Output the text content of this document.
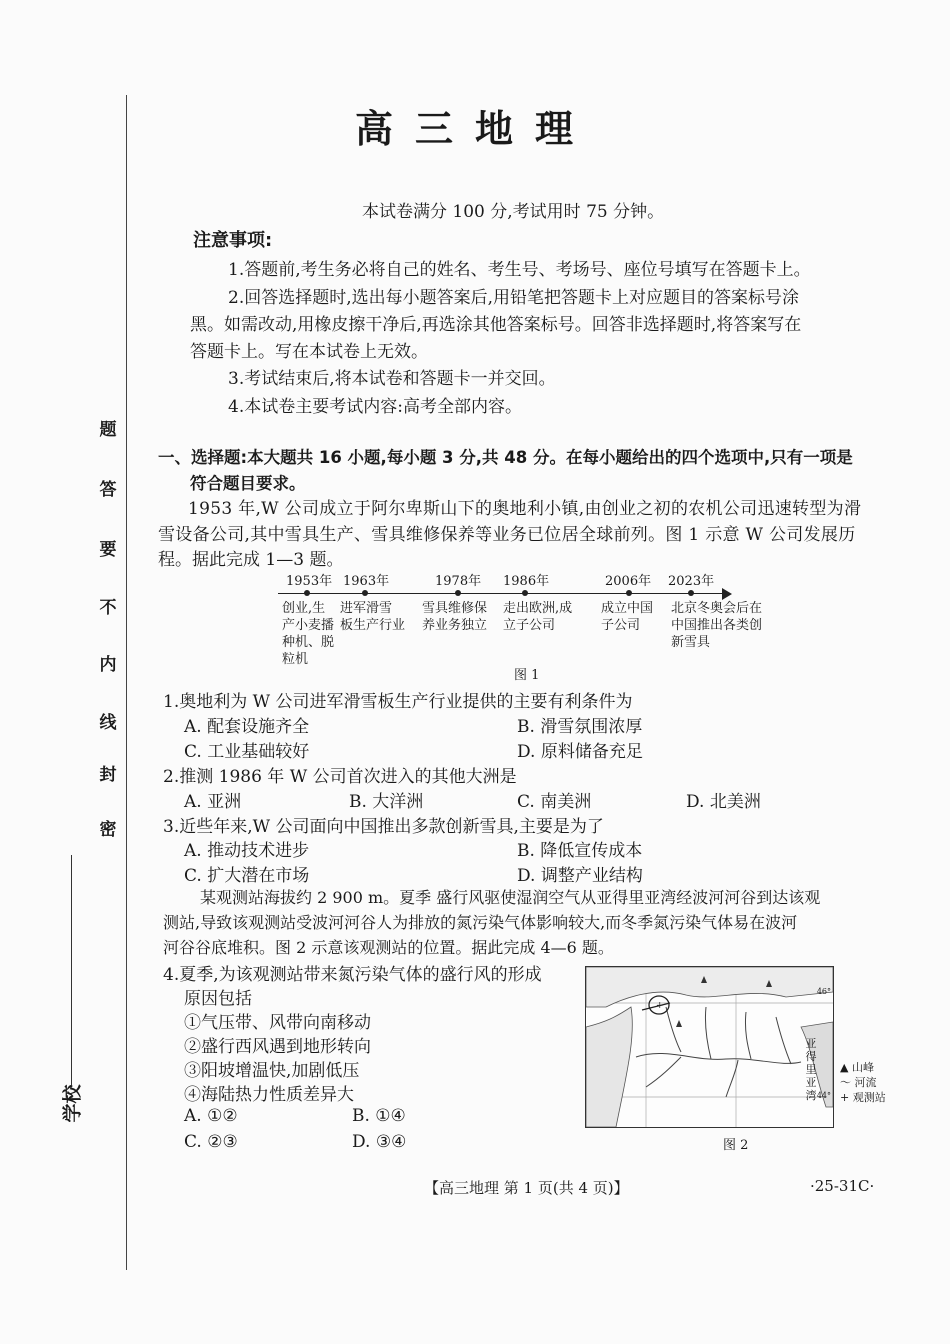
题
答
要
不
内
线
封
密
学校
高三地理
本试卷满分 100 分,考试用时 75 分钟。
注意事项:
1.答题前,考生务必将自己的姓名、考生号、考场号、座位号填写在答题卡上。
2.回答选择题时,选出每小题答案后,用铅笔把答题卡上对应题目的答案标号涂
黑。如需改动,用橡皮擦干净后,再选涂其他答案标号。回答非选择题时,将答案写在
答题卡上。写在本试卷上无效。
3.考试结束后,将本试卷和答题卡一并交回。
4.本试卷主要考试内容:高考全部内容。
一、选择题:本大题共 16 小题,每小题 3 分,共 48 分。在每小题给出的四个选项中,只有一项是
符合题目要求。
1953 年,W 公司成立于阿尔卑斯山下的奥地利小镇,由创业之初的农机公司迅速转型为滑
雪设备公司,其中雪具生产、雪具维修保养等业务已位居全球前列。图 1 示意 W 公司发展历
程。据此完成 1—3 题。
1953年 1963年	1978年 1986年	2006年 2023年
创业,生
产小麦播
种机、脱
粒机
进军滑雪
板生产行业
雪具维修保
养业务独立
走出欧洲,成
立子公司
成立中国
子公司
北京冬奥会后在
中国推出各类创
新雪具
图 1
1.奥地利为 W 公司进军滑雪板生产行业提供的主要有利条件为
A. 配套设施齐全	B. 滑雪氛围浓厚
C. 工业基础较好	D. 原料储备充足
2.推测 1986 年 W 公司首次进入的其他大洲是
A. 亚洲	B. 大洋洲	C. 南美洲	D. 北美洲
3.近些年来,W 公司面向中国推出多款创新雪具,主要是为了
A. 推动技术进步	B. 降低宣传成本
C. 扩大潜在市场	D. 调整产业结构
某观测站海拔约 2 900 m。夏季 盛行风驱使湿润空气从亚得里亚湾经波河河谷到达该观
测站,导致该观测站受波河河谷人为排放的氮污染气体影响较大,而冬季氮污染气体易在波河
河谷谷底堆积。图 2 示意该观测站的位置。据此完成 4—6 题。
4.夏季,为该观测站带来氮污染气体的盛行风的形成
原因包括
①气压带、风带向南移动
②盛行西风遇到地形转向
③阳坡增温快,加剧低压
④海陆热力性质差异大
A. ①②	B. ①④
C. ②③	D. ③④
+
亚得里亚湾
46°
44°
▲ 山峰
〜 河流
+ 观测站
图 2
【高三地理 第 1 页(共 4 页)】	·25-31C·
